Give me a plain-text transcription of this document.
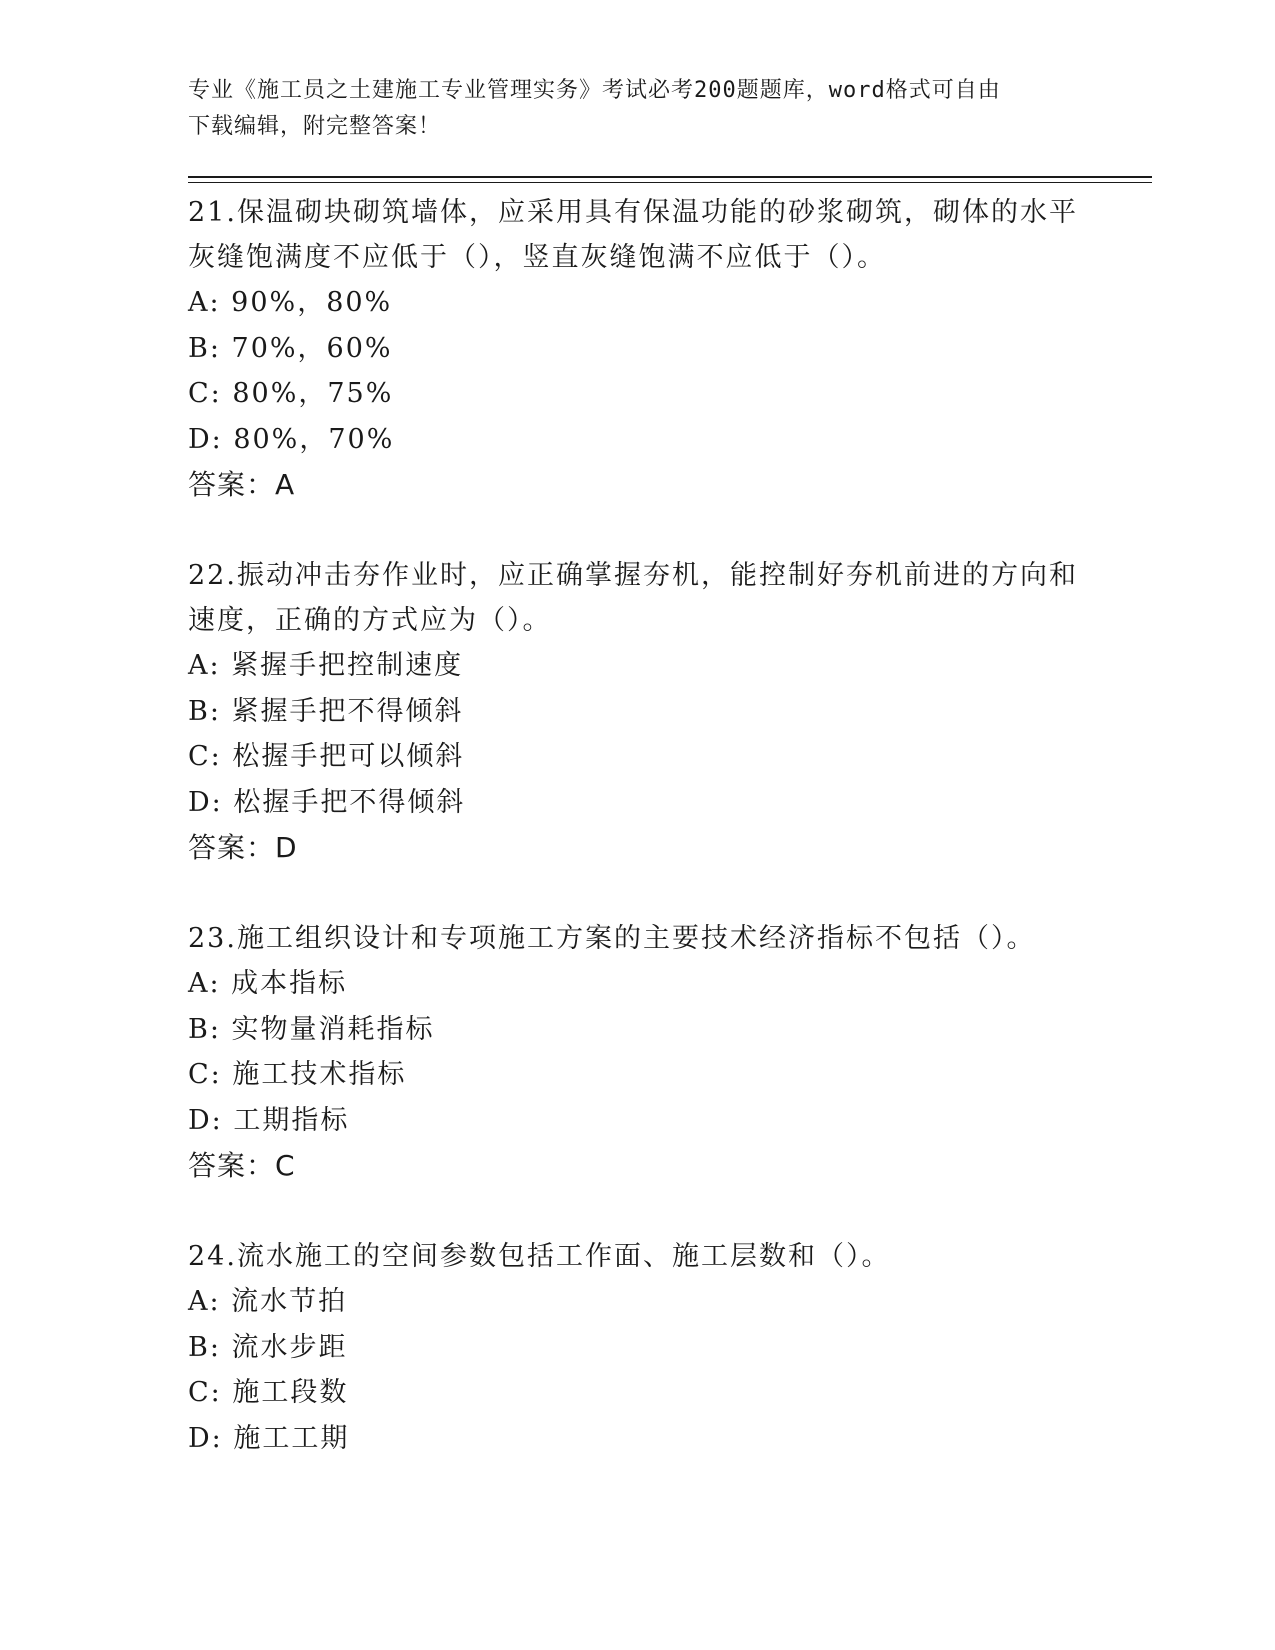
专业《施工员之土建施工专业管理实务》考试必考200题题库，word格式可自由
下载编辑，附完整答案！

21.保温砌块砌筑墙体，应采用具有保温功能的砂浆砌筑，砌体的水平

灰缝饱满度不应低于（），竖直灰缝饱满不应低于（）。

A: 90%，80%

B: 70%，60%

C: 80%，75%

D: 80%，70%

答案：A

22.振动冲击夯作业时，应正确掌握夯机，能控制好夯机前进的方向和

速度，正确的方式应为（）。

A: 紧握手把控制速度

B: 紧握手把不得倾斜

C: 松握手把可以倾斜

D: 松握手把不得倾斜

答案：D

23.施工组织设计和专项施工方案的主要技术经济指标不包括（）。

A: 成本指标

B: 实物量消耗指标

C: 施工技术指标

D: 工期指标

答案：C

24.流水施工的空间参数包括工作面、施工层数和（）。

A: 流水节拍

B: 流水步距

C: 施工段数

D: 施工工期
